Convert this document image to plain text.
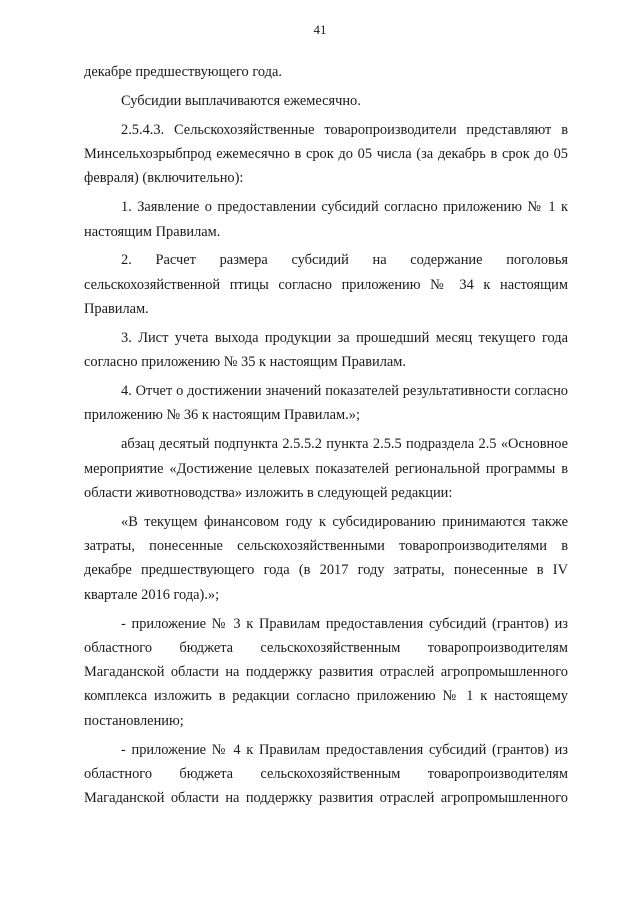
41

декабре предшествующего года.

Субсидии выплачиваются ежемесячно.

2.5.4.3. Сельскохозяйственные товаропроизводители представляют в Минсельхозрыбпрод ежемесячно в срок до 05 числа (за декабрь в срок до 05 февраля) (включительно):

1. Заявление о предоставлении субсидий согласно приложению № 1 к настоящим Правилам.

2. Расчет размера субсидий на содержание поголовья сельскохозяйственной птицы согласно приложению № 34 к настоящим Правилам.

3. Лист учета выхода продукции за прошедший месяц текущего года согласно приложению № 35 к настоящим Правилам.

4. Отчет о достижении значений показателей результативности согласно приложению № 36 к настоящим Правилам.»;

абзац десятый подпункта 2.5.5.2 пункта 2.5.5 подраздела 2.5 «Основное мероприятие «Достижение целевых показателей региональной программы в области животноводства» изложить в следующей редакции:

«В текущем финансовом году к субсидированию принимаются также затраты, понесенные сельскохозяйственными товаропроизводителями в декабре предшествующего года (в 2017 году затраты, понесенные в IV квартале 2016 года).»;

- приложение № 3 к Правилам предоставления субсидий (грантов) из областного бюджета сельскохозяйственным товаропроизводителям Магаданской области на поддержку развития отраслей агропромышленного комплекса изложить в редакции согласно приложению № 1 к настоящему постановлению;

- приложение № 4 к Правилам предоставления субсидий (грантов) из областного бюджета сельскохозяйственным товаропроизводителям Магаданской области на поддержку развития отраслей агропромышленного
